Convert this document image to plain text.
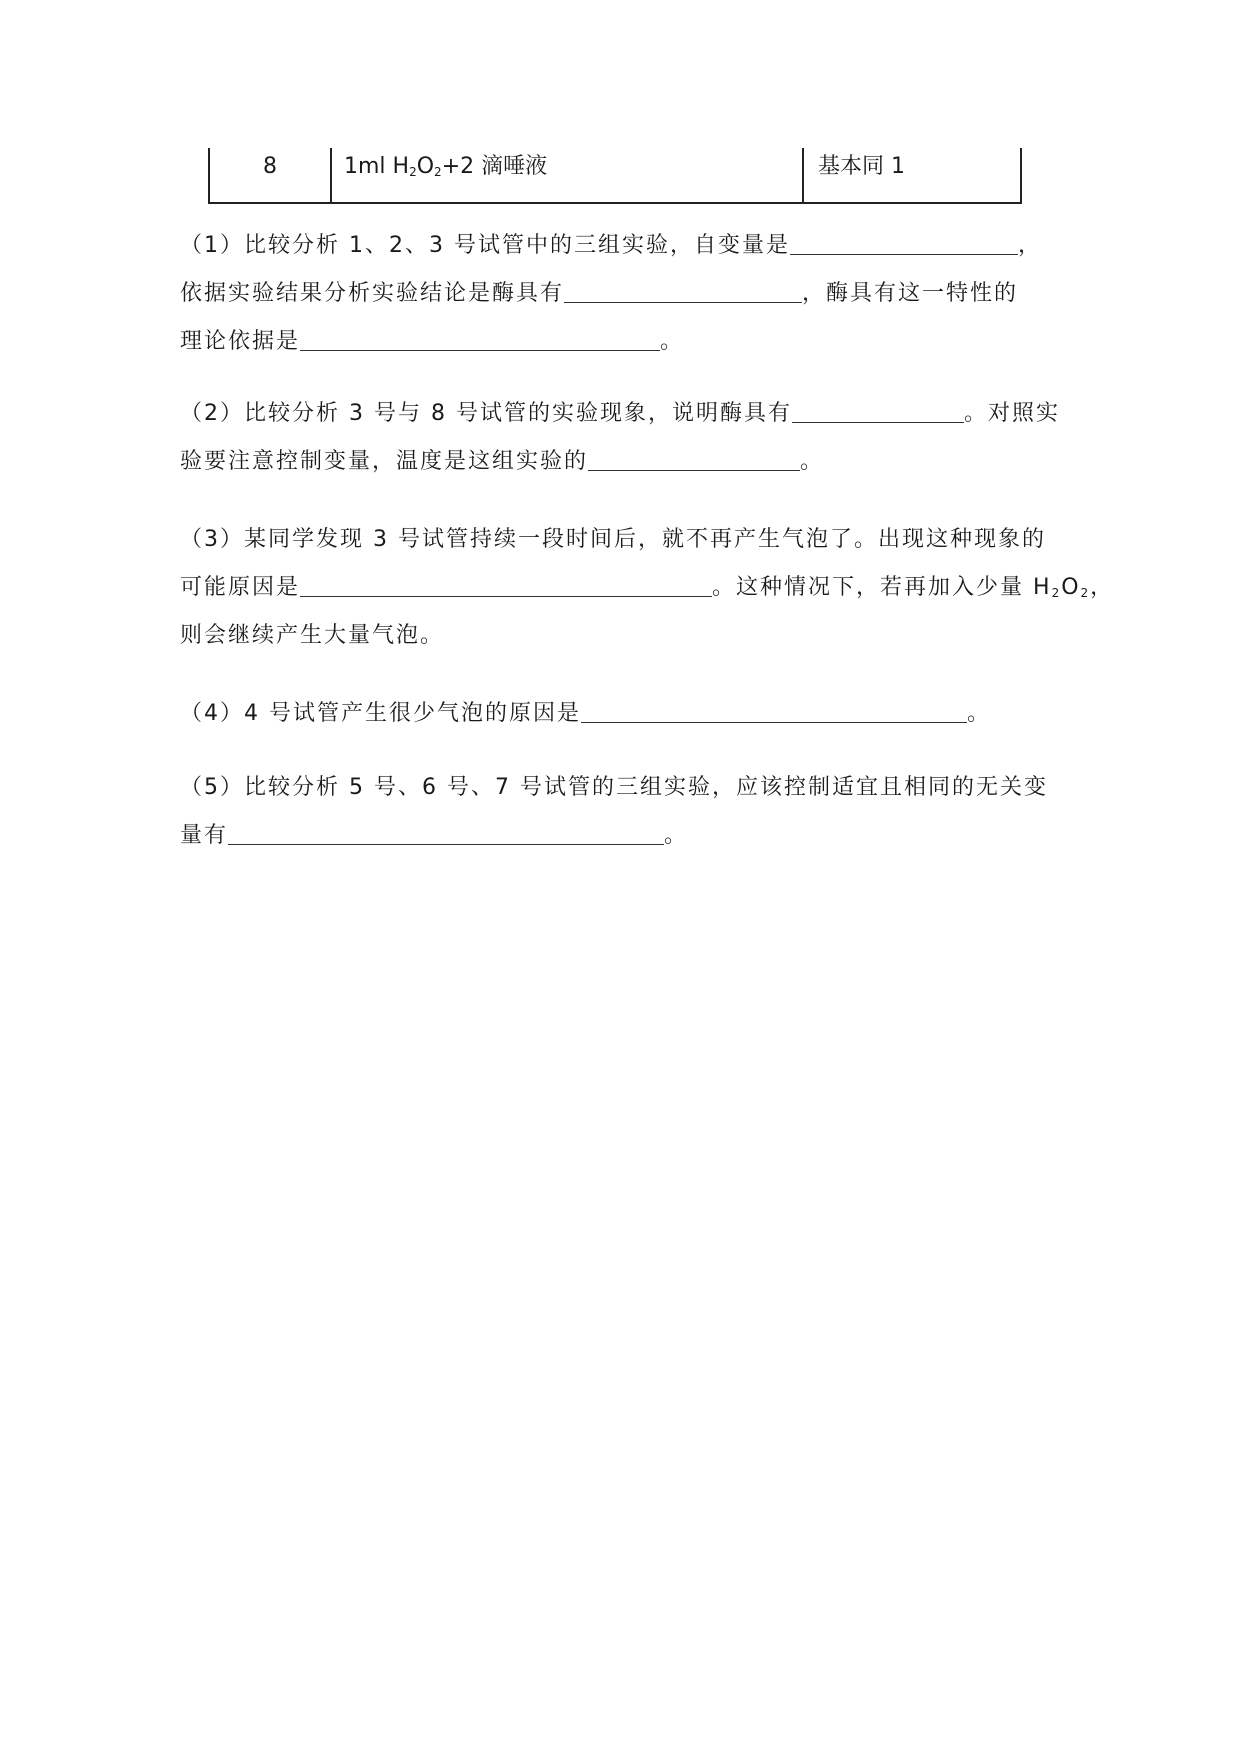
8	1ml $H_2O_2+2$ 滴唾液	基本同 1
（1）比较分析 1、2、3 号试管中的三组实验，自变量是	，
依据实验结果分析实验结论是酶具有	，酶具有这一特性的
理论依据是	。
（2）比较分析 3 号与 8 号试管的实验现象，说明酶具有	。对照实
验要注意控制变量，温度是这组实验的	。
（3）某同学发现 3 号试管持续一段时间后，就不再产生气泡了。出现这种现象的
可能原因是	。这种情况下，若再加入少量 $H_2O_2$，
则会继续产生大量气泡。
（4）4 号试管产生很少气泡的原因是	。
（5）比较分析 5 号、6 号、7 号试管的三组实验，应该控制适宜且相同的无关变
量有	。
